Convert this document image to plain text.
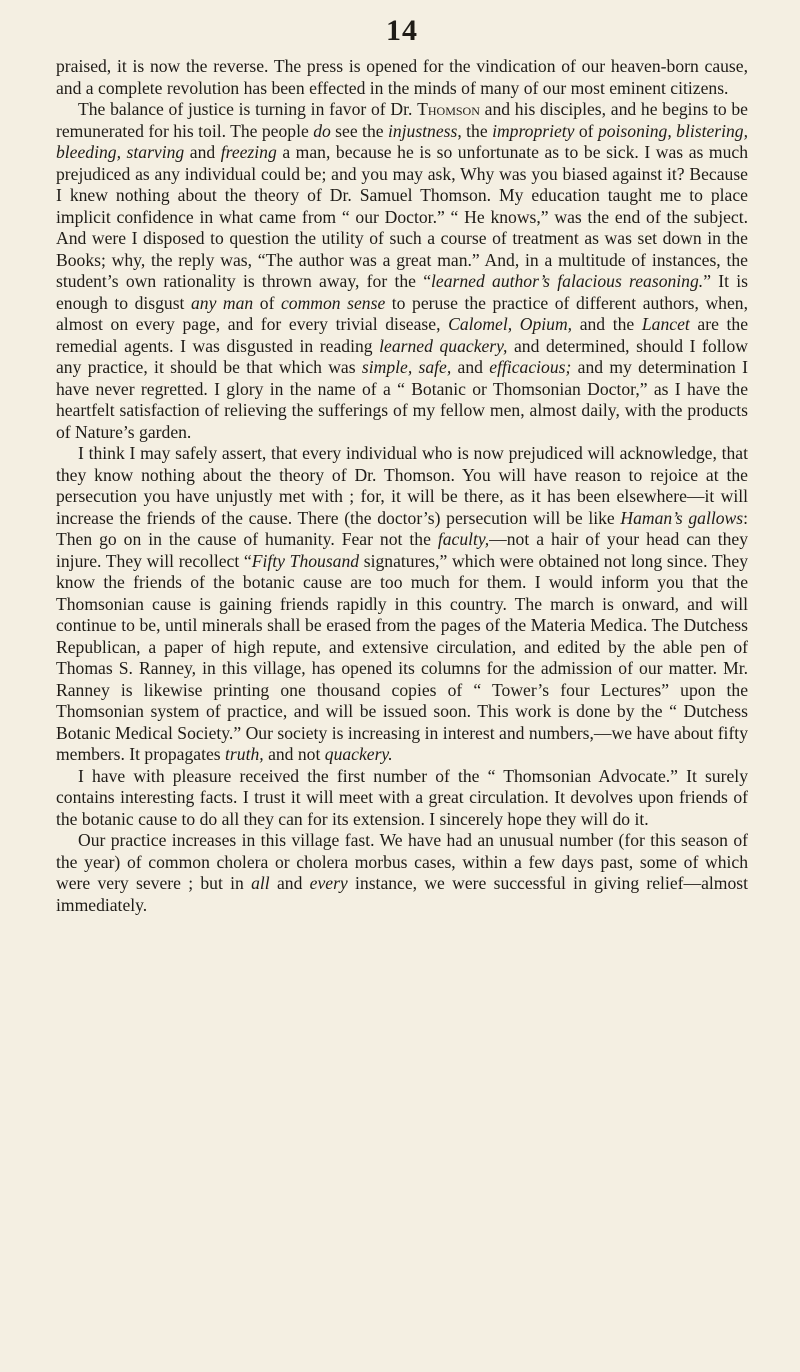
14

praised, it is now the reverse. The press is opened for the vindication of our heaven-born cause, and a complete revolution has been effected in the minds of many of our most eminent citizens.

The balance of justice is turning in favor of Dr. Thomson and his disciples, and he begins to be remunerated for his toil. The people do see the injustness, the impropriety of poisoning, blistering, bleeding, starving and freezing a man, because he is so unfortunate as to be sick. I was as much prejudiced as any individual could be; and you may ask, Why was you biased against it? Because I knew nothing about the theory of Dr. Samuel Thomson. My education taught me to place implicit confidence in what came from “ our Doctor.” “ He knows,” was the end of the subject. And were I disposed to question the utility of such a course of treatment as was set down in the Books; why, the reply was, “The author was a great man.” And, in a multitude of instances, the student’s own rationality is thrown away, for the “learned author’s falacious reasoning.” It is enough to disgust any man of common sense to peruse the practice of different authors, when, almost on every page, and for every trivial disease, Calomel, Opium, and the Lancet are the remedial agents. I was disgusted in reading learned quackery, and determined, should I follow any practice, it should be that which was simple, safe, and efficacious; and my determination I have never regretted. I glory in the name of a “ Botanic or Thomsonian Doctor,” as I have the heartfelt satisfaction of relieving the sufferings of my fellow men, almost daily, with the products of Nature’s garden.

I think I may safely assert, that every individual who is now prejudiced will acknowledge, that they know nothing about the theory of Dr. Thomson. You will have reason to rejoice at the persecution you have unjustly met with ; for, it will be there, as it has been elsewhere—it will increase the friends of the cause. There (the doctor’s) persecution will be like Haman’s gallows: Then go on in the cause of humanity. Fear not the faculty,—not a hair of your head can they injure. They will recollect “Fifty Thousand signatures,” which were obtained not long since. They know the friends of the botanic cause are too much for them. I would inform you that the Thomsonian cause is gaining friends rapidly in this country. The march is onward, and will continue to be, until minerals shall be erased from the pages of the Materia Medica. The Dutchess Republican, a paper of high repute, and extensive circulation, and edited by the able pen of Thomas S. Ranney, in this village, has opened its columns for the admission of our matter. Mr. Ranney is likewise printing one thousand copies of “ Tower’s four Lectures” upon the Thomsonian system of practice, and will be issued soon. This work is done by the “ Dutchess Botanic Medical Society.” Our society is increasing in interest and numbers,—we have about fifty members. It propagates truth, and not quackery.

I have with pleasure received the first number of the “ Thomsonian Advocate.” It surely contains interesting facts. I trust it will meet with a great circulation. It devolves upon friends of the botanic cause to do all they can for its extension. I sincerely hope they will do it.

Our practice increases in this village fast. We have had an unusual number (for this season of the year) of common cholera or cholera morbus cases, within a few days past, some of which were very severe ; but in all and every instance, we were successful in giving relief—almost immediately.
